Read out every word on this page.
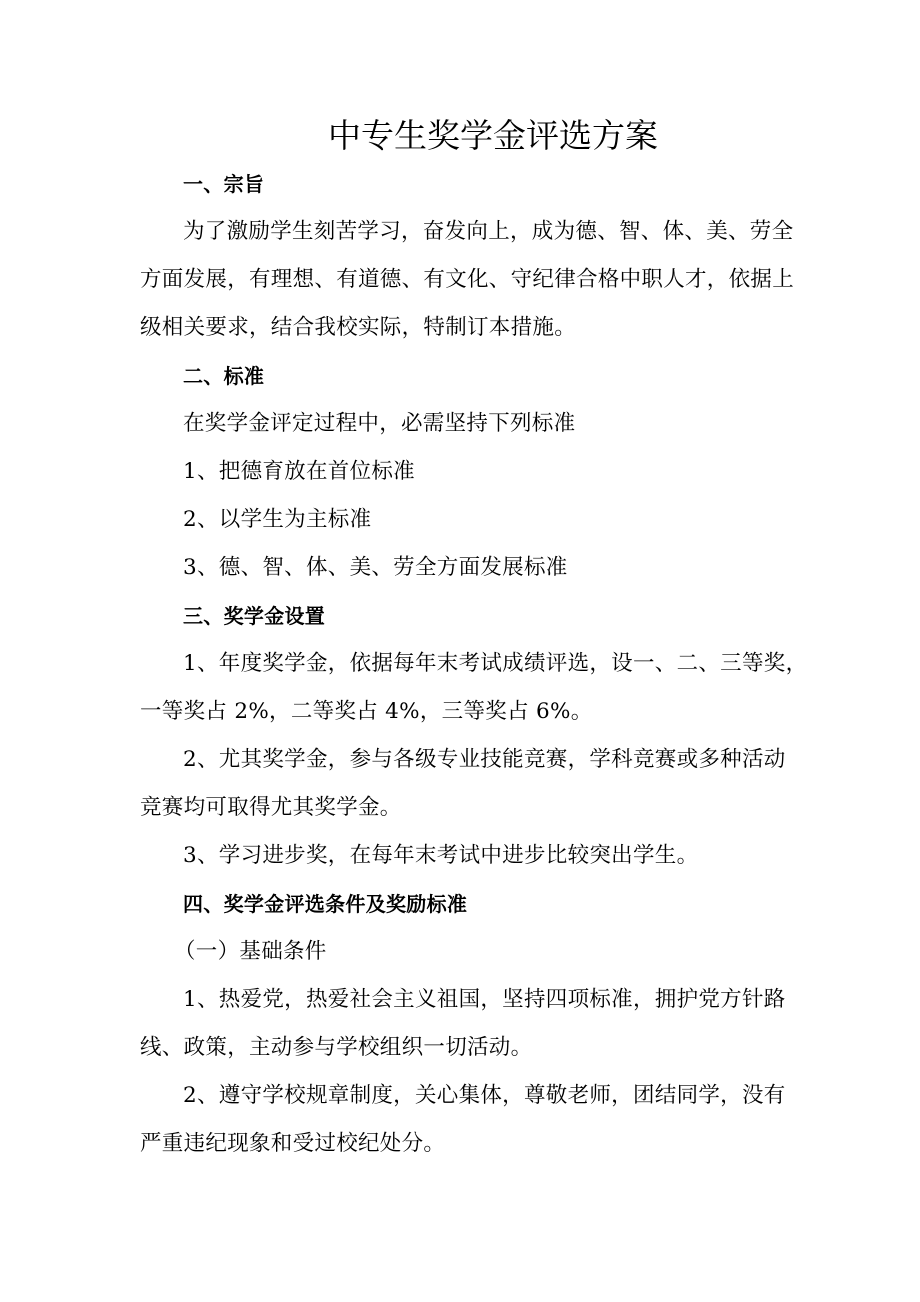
中专生奖学金评选方案

一、宗旨

为了激励学生刻苦学习，奋发向上，成为德、智、体、美、劳全
方面发展，有理想、有道德、有文化、守纪律合格中职人才，依据上
级相关要求，结合我校实际，特制订本措施。

二、标准

在奖学金评定过程中，必需坚持下列标准

1、把德育放在首位标准

2、以学生为主标准

3、德、智、体、美、劳全方面发展标准

三、奖学金设置

1、年度奖学金，依据每年末考试成绩评选，设一、二、三等奖，
一等奖占 2%，二等奖占 4%，三等奖占 6%。

2、尤其奖学金，参与各级专业技能竞赛，学科竞赛或多种活动
竞赛均可取得尤其奖学金。

3、学习进步奖，在每年末考试中进步比较突出学生。

四、奖学金评选条件及奖励标准

（一）基础条件

1、热爱党，热爱社会主义祖国，坚持四项标准，拥护党方针路
线、政策，主动参与学校组织一切活动。

2、遵守学校规章制度，关心集体，尊敬老师，团结同学，没有
严重违纪现象和受过校纪处分。
